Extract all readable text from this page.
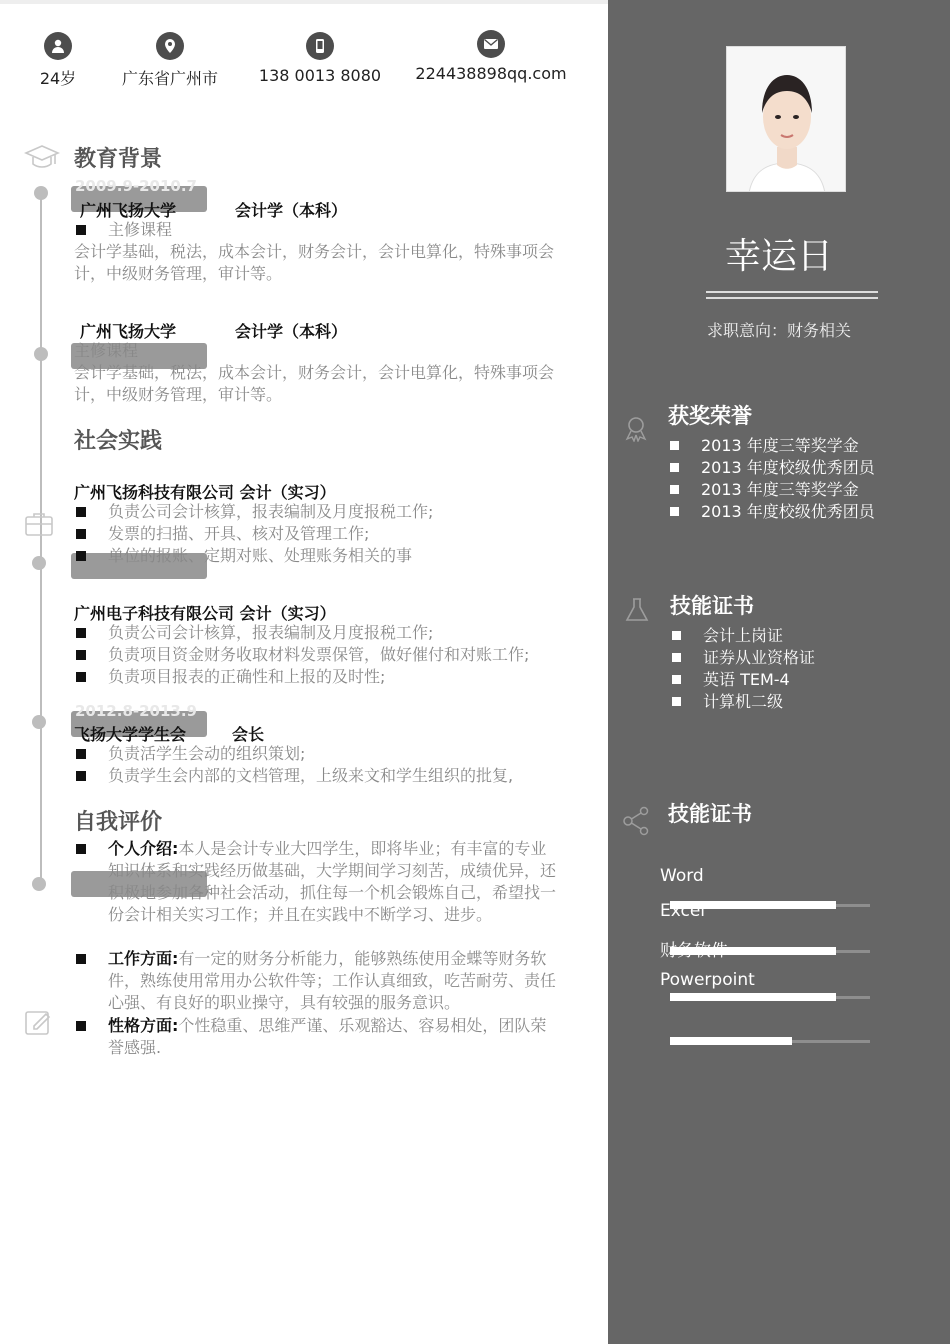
24岁	广东省广州市	138 0013 8080 224438898qq.com
2009.9-2010.7
2012.8-2013.9
教育背景
广州飞扬大学	会计学（本科）
主修课程
会计学基础，税法，成本会计，财务会计，会计电算化，特殊事项会计，中级财务管理，审计等。
广州飞扬大学	会计学（本科）
主修课程
会计学基础，税法，成本会计，财务会计，会计电算化，特殊事项会计，中级财务管理，审计等。
社会实践
广州飞扬科技有限公司 会计（实习）
负责公司会计核算，报表编制及月度报税工作;
发票的扫描、开具、核对及管理工作;
单位的报账、定期对账、处理账务相关的事
广州电子科技有限公司 会计（实习）
负责公司会计核算，报表编制及月度报税工作;
负责项目资金财务收取材料发票保管，做好催付和对账工作;
负责项目报表的正确性和上报的及时性;
飞扬大学学生会	会长
负责活学生会动的组织策划;
负责学生会内部的文档管理，上级来文和学生组织的批复,
自我评价
个人介绍:本人是会计专业大四学生，即将毕业；有丰富的专业知识体系和实践经历做基础，大学期间学习刻苦，成绩优异，还积极地参加各种社会活动，抓住每一个机会锻炼自己，希望找一份会计相关实习工作；并且在实践中不断学习、进步。
工作方面:有一定的财务分析能力，能够熟练使用金蝶等财务软件，熟练使用常用办公软件等；工作认真细致，吃苦耐劳、责任心强、有良好的职业操守，具有较强的服务意识。
性格方面:个性稳重、思维严谨、乐观豁达、容易相处，团队荣誉感强.
幸运日
求职意向：财务相关
获奖荣誉
2013 年度三等奖学金
2013 年度校级优秀团员
2013 年度三等奖学金
2013 年度校级优秀团员
技能证书
会计上岗证
证券从业资格证
英语 TEM-4
计算机二级
技能证书
Word
Excel
财务软件
Powerpoint
